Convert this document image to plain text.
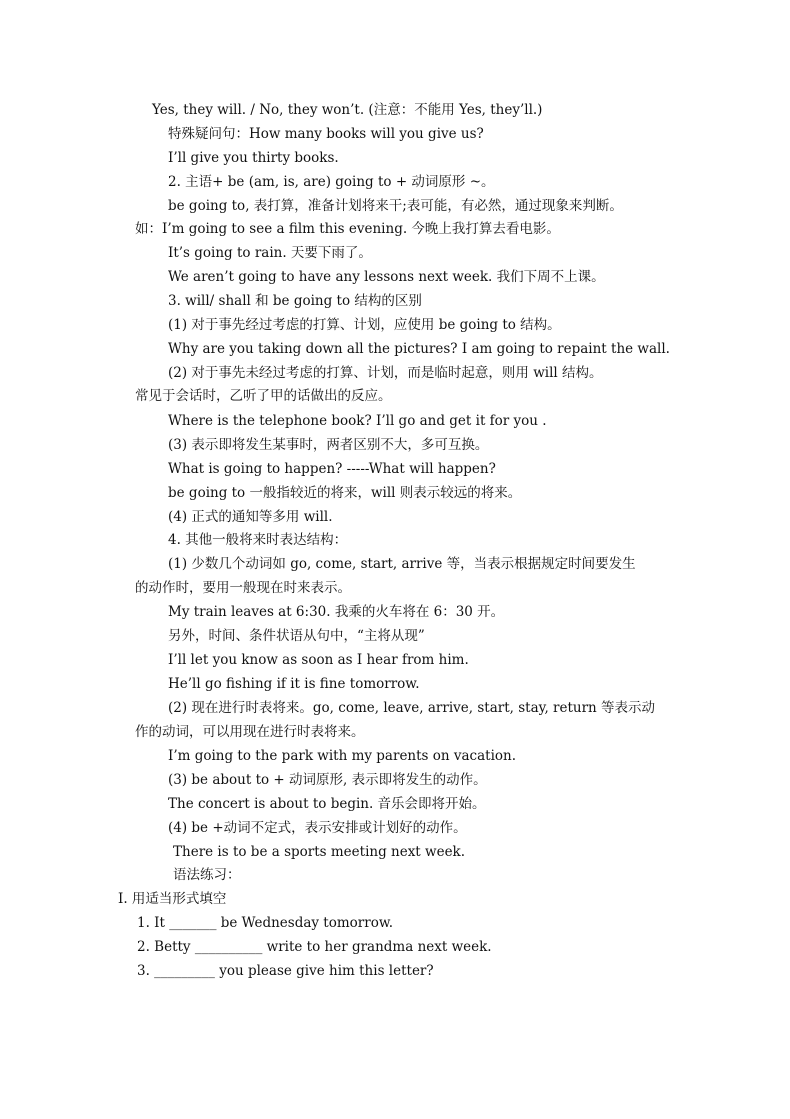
Yes, they will. / No, they won’t. (注意：不能用 Yes, they’ll.)
特殊疑问句：How many books will you give us?
I’ll give you thirty books.
2. 主语+ be (am, is, are) going to + 动词原形 ~。
be going to, 表打算，准备计划将来干;表可能，有必然，通过现象来判断。
如：I’m going to see a film this evening. 今晚上我打算去看电影。
It’s going to rain. 天要下雨了。
We aren’t going to have any lessons next week. 我们下周不上课。
3. will/ shall 和 be going to 结构的区别
(1) 对于事先经过考虑的打算、计划，应使用 be going to 结构。
Why are you taking down all the pictures? I am going to repaint the wall.
(2) 对于事先未经过考虑的打算、计划，而是临时起意，则用 will 结构。
常见于会话时，乙听了甲的话做出的反应。
Where is the telephone book? I’ll go and get it for you .
(3) 表示即将发生某事时，两者区别不大，多可互换。
What is going to happen? -----What will happen?
be going to 一般指较近的将来，will 则表示较远的将来。
(4) 正式的通知等多用 will.
4. 其他一般将来时表达结构：
(1) 少数几个动词如 go, come, start, arrive 等，当表示根据规定时间要发生
的动作时，要用一般现在时来表示。
My train leaves at 6:30. 我乘的火车将在 6：30 开。
另外，时间、条件状语从句中，“主将从现”
I’ll let you know as soon as I hear from him.
He’ll go fishing if it is fine tomorrow.
(2) 现在进行时表将来。go, come, leave, arrive, start, stay, return 等表示动
作的动词，可以用现在进行时表将来。
I’m going to the park with my parents on vacation.
(3) be about to + 动词原形, 表示即将发生的动作。
The concert is about to begin. 音乐会即将开始。
(4) be +动词不定式，表示安排或计划好的动作。
There is to be a sports meeting next week.
语法练习：
I. 用适当形式填空
1. It _______ be Wednesday tomorrow.
2. Betty __________ write to her grandma next week.
3. _________ you please give him this letter?
